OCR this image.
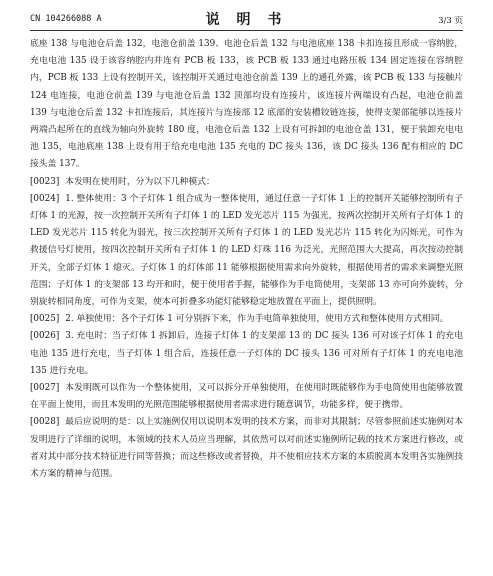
CN 104266088 A	说 明 书	3/3 页

底座 138 与电池仓后盖 132，电池仓前盖 139、电池仓后盖 132 与电池底座 138 卡扣连接且形成一容纳腔，充电电池 135 设于该容纳腔内并连有 PCB 板 133，该 PCB 板 133 通过电路压板 134 固定连接在容纳腔内，PCB 板 133 上设有控制开关，该控制开关通过电池仓前盖 139 上的通孔外露，该 PCB 板 133 与接触片 124 电连接，电池仓前盖 139 与电池仓后盖 132 顶部均设有连接片，该连接片两端设有凸起，电池仓前盖 139 与电池仓后盖 132 卡扣连接后，其连接片与连接部 12 底部的安装槽铰链连接，使得支架部能够以连接片两端凸起所在的直线为轴向外旋转 180 度，电池仓后盖 132 上设有可拆卸的电池仓盖 131，便于装卸充电电池 135，电池底座 138 上设有用于给充电电池 135 充电的 DC 接头 136，该 DC 接头 136 配有相应的 DC 接头盖 137。

[0023] 本发明在使用时，分为以下几种模式：

[0024] 1. 整体使用：3 个子灯体 1 组合成为一整体使用，通过任意一子灯体 1 上的控制开关能够控制所有子灯体 1 的光源，按一次控制开关所有子灯体 1 的 LED 发光芯片 115 为强光，按两次控制开关所有子灯体 1 的 LED 发光芯片 115 转化为弱光，按三次控制开关所有子灯体 1 的 LED 发光芯片 115 转化为闪烁光，可作为救援信号灯使用，按四次控制开关所有子灯体 1 的 LED 灯珠 116 为泛光，光照范围大大提高，再次按动控制开关，全部子灯体 1 熄灭。子灯体 1 的灯体部 11 能够根据使用需求向外旋转，根据使用者的需求来调整光照范围；子灯体 1 的支架部 13 均开和时，便于使用者手握，能够作为手电筒使用，支架部 13 亦可向外旋转，分别旋转相同角度，可作为支架，使本可折叠多功能灯能够稳定地放置在平面上，提供照明。

[0025] 2. 单独使用：各个子灯体 1 可分别拆下来，作为手电筒单独使用，使用方式和整体使用方式相同。

[0026] 3. 充电时：当子灯体 1 拆卸后，连接子灯体 1 的支架部 13 的 DC 接头 136 可对该子灯体 1 的充电电池 135 进行充电，当子灯体 1 组合后，连接任意一子灯体的 DC 接头 136 可对所有子灯体 1 的充电电池 135 进行充电。

[0027] 本发明既可以作为一个整体使用，又可以拆分开单独使用，在使用时既能够作为手电筒使用也能够放置在平面上使用，而且本发明的光照范围能够根据使用者需求进行随意调节，功能多样，便于携带。

[0028] 最后应说明的是：以上实施例仅用以说明本发明的技术方案，而非对其限制；尽管参照前述实施例对本发明进行了详细的说明，本领域的技术人员应当理解，其依然可以对前述实施例所记载的技术方案进行修改，或者对其中部分技术特征进行同等替换；而这些修改或者替换，并不使相应技术方案的本质脱离本发明各实施例技术方案的精神与范围。
